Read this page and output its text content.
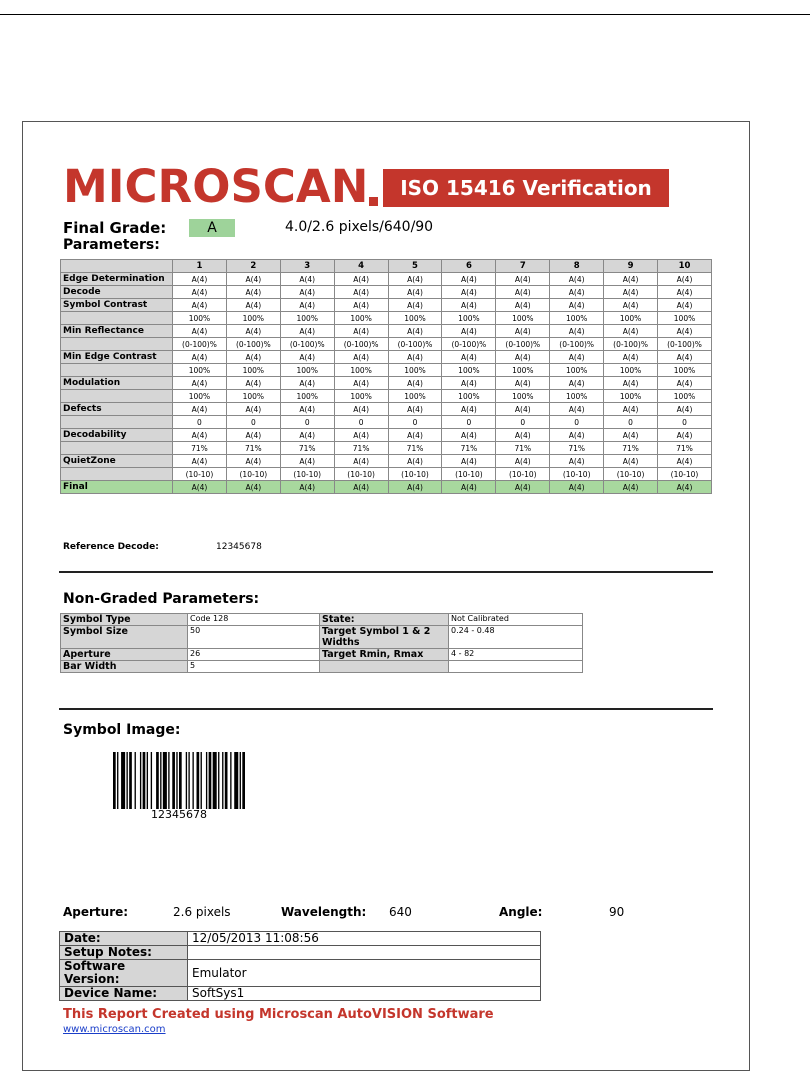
MICROSCAN	ISO 15416 Verification Report
Final Grade:	A	4.0/2.6 pixels/640/90
Parameters:
	1	2	3	4	5	6	7	8	9	10
Edge Determination	A(4)	A(4)	A(4)	A(4)	A(4)	A(4)	A(4)	A(4)	A(4)	A(4)
Decode	A(4)	A(4)	A(4)	A(4)	A(4)	A(4)	A(4)	A(4)	A(4)	A(4)
Symbol Contrast	A(4)	A(4)	A(4)	A(4)	A(4)	A(4)	A(4)	A(4)	A(4)	A(4)
	100%	100%	100%	100%	100%	100%	100%	100%	100%	100%
Min Reflectance	A(4)	A(4)	A(4)	A(4)	A(4)	A(4)	A(4)	A(4)	A(4)	A(4)
	(0-100)%	(0-100)%	(0-100)%	(0-100)%	(0-100)%	(0-100)%	(0-100)%	(0-100)%	(0-100)%	(0-100)%
Min Edge Contrast	A(4)	A(4)	A(4)	A(4)	A(4)	A(4)	A(4)	A(4)	A(4)	A(4)
	100%	100%	100%	100%	100%	100%	100%	100%	100%	100%
Modulation	A(4)	A(4)	A(4)	A(4)	A(4)	A(4)	A(4)	A(4)	A(4)	A(4)
	100%	100%	100%	100%	100%	100%	100%	100%	100%	100%
Defects	A(4)	A(4)	A(4)	A(4)	A(4)	A(4)	A(4)	A(4)	A(4)	A(4)
	0	0	0	0	0	0	0	0	0	0
Decodability	A(4)	A(4)	A(4)	A(4)	A(4)	A(4)	A(4)	A(4)	A(4)	A(4)
	71%	71%	71%	71%	71%	71%	71%	71%	71%	71%
QuietZone	A(4)	A(4)	A(4)	A(4)	A(4)	A(4)	A(4)	A(4)	A(4)	A(4)
	(10-10)	(10-10)	(10-10)	(10-10)	(10-10)	(10-10)	(10-10)	(10-10)	(10-10)	(10-10)
Final	A(4)	A(4)	A(4)	A(4)	A(4)	A(4)	A(4)	A(4)	A(4)	A(4)
Reference Decode:	12345678
Non-Graded Parameters:
Symbol Type	Code 128	State:	Not Calibrated
Symbol Size	50	Target Symbol 1 & 2 Widths	0.24 - 0.48
Aperture	26	Target Rmin, Rmax	4 - 82
Bar Width	5		
Symbol Image:
12345678
Aperture:	2.6 pixels	Wavelength: 640	Angle:	90
Date:	12/05/2013 11:08:56
Setup Notes:	
Software Version:	Emulator
Device Name:	SoftSys1
This Report Created using Microscan AutoVISION Software
www.microscan.com
